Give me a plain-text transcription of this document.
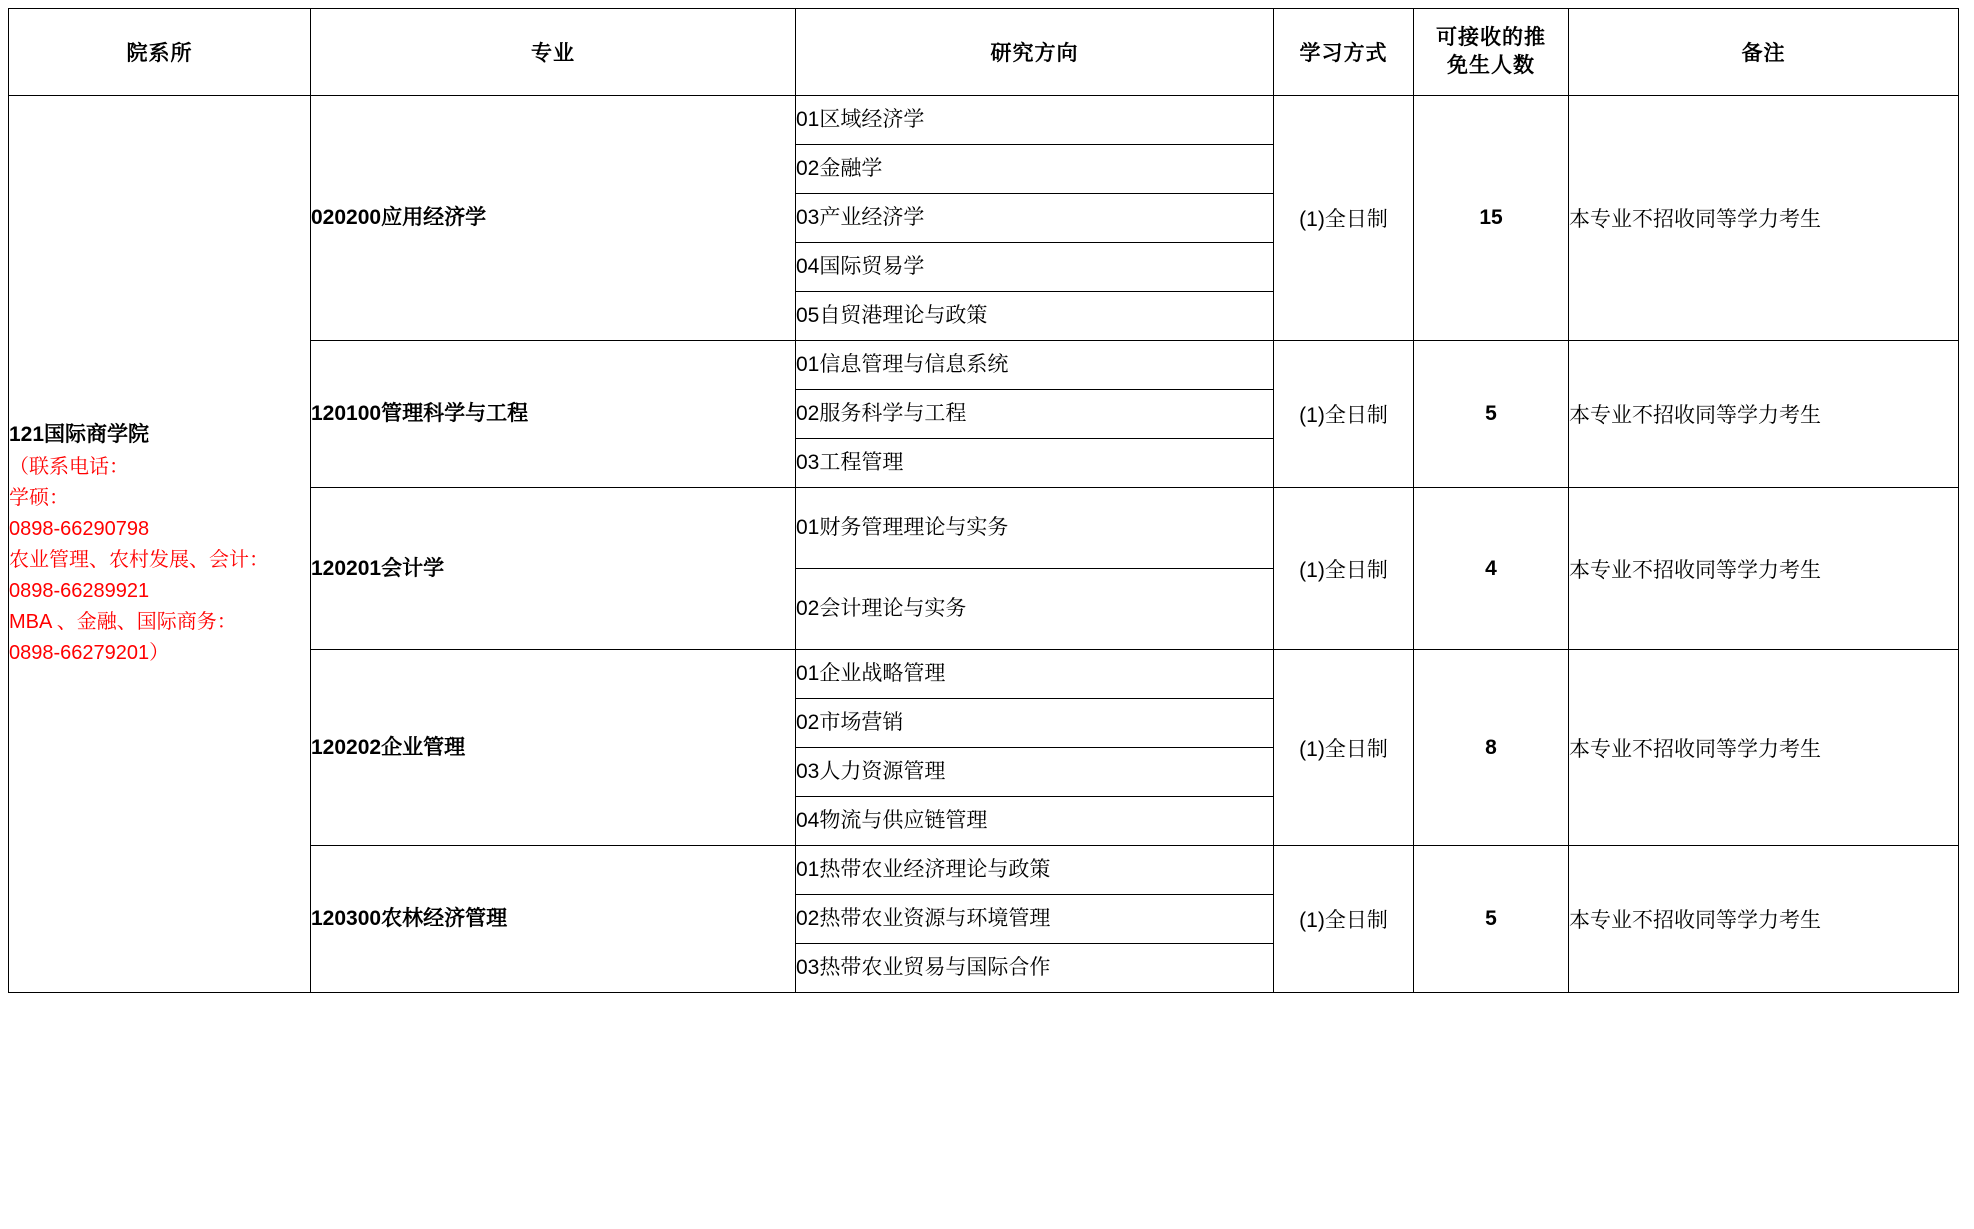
院系所	专业	研究方向	学习方式	可接收的推
免生人数	备注

121国际商学院
（联系电话：
学硕：
0898-66290798
农业管理、农村发展、会计：
0898-66289921
MBA 、金融、国际商务：
0898-66279201）
	020200应用经济学	01区域经济学	(1)全日制	15	本专业不招收同等学力考生
		02金融学			
		03产业经济学			
		04国际贸易学			
		05自贸港理论与政策			
	120100管理科学与工程	01信息管理与信息系统	(1)全日制	5	本专业不招收同等学力考生
		02服务科学与工程			
		03工程管理			
	120201会计学	01财务管理理论与实务	(1)全日制	4	本专业不招收同等学力考生
		02会计理论与实务			
	120202企业管理	01企业战略管理	(1)全日制	8	本专业不招收同等学力考生
		02市场营销			
		03人力资源管理			
		04物流与供应链管理			
	120300农林经济管理	01热带农业经济理论与政策	(1)全日制	5	本专业不招收同等学力考生
		02热带农业资源与环境管理			
		03热带农业贸易与国际合作			
